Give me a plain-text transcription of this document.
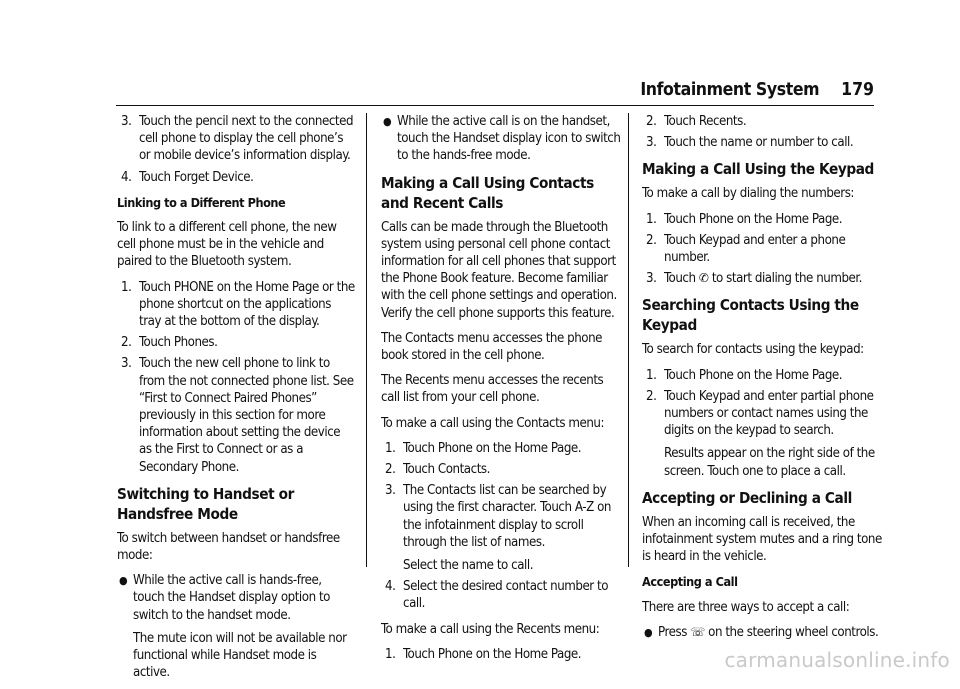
Infotainment System 179
3. Touch the pencil next to the connected cell phone to display the cell phone’s or mobile device’s information display.
4. Touch Forget Device.
Linking to a Different Phone

To link to a different cell phone, the new cell phone must be in the vehicle and paired to the Bluetooth system.

1. Touch PHONE on the Home Page or the phone shortcut on the applications tray at the bottom of the display.
2. Touch Phones.
3. Touch the new cell phone to link to from the not connected phone list. See “First to Connect Paired Phones” previously in this section for more information about setting the device as the First to Connect or as a Secondary Phone.
Switching to Handset or Handsfree Mode

To switch between handset or handsfree mode:

● While the active call is hands-free, touch the Handset display option to switch to the handset mode.
The mute icon will not be available nor functional while Handset mode is active.
● While the active call is on the handset, touch the Handset display icon to switch to the hands-free mode.
Making a Call Using Contacts and Recent Calls

Calls can be made through the Bluetooth system using personal cell phone contact information for all cell phones that support the Phone Book feature. Become familiar with the cell phone settings and operation. Verify the cell phone supports this feature.

The Contacts menu accesses the phone book stored in the cell phone.

The Recents menu accesses the recents call list from your cell phone.

To make a call using the Contacts menu:

1. Touch Phone on the Home Page.
2. Touch Contacts.
3. The Contacts list can be searched by using the first character. Touch A-Z on the infotainment display to scroll through the list of names.
Select the name to call.
4. Select the desired contact number to call.

To make a call using the Recents menu:

1. Touch Phone on the Home Page.
2. Touch Recents.
3. Touch the name or number to call.
Making a Call Using the Keypad

To make a call by dialing the numbers:

1. Touch Phone on the Home Page.
2. Touch Keypad and enter a phone number.
3. Touch ✆ to start dialing the number.
Searching Contacts Using the Keypad

To search for contacts using the keypad:

1. Touch Phone on the Home Page.
2. Touch Keypad and enter partial phone numbers or contact names using the digits on the keypad to search.
Results appear on the right side of the screen. Touch one to place a call.
Accepting or Declining a Call

When an incoming call is received, the infotainment system mutes and a ring tone is heard in the vehicle.

Accepting a Call

There are three ways to accept a call:

● Press ☏ on the steering wheel controls.
carmanualsonline.info
